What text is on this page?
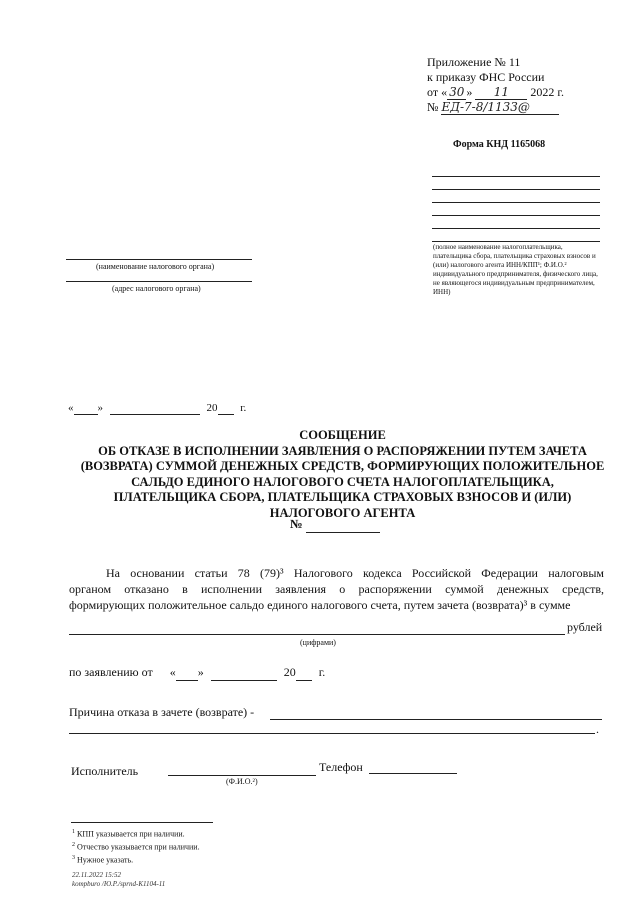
Приложение № 11
к приказу ФНС России
от « 30 » 11 2022 г.
№ ЕД-7-8/1133@
Форма КНД 1165068
(полное наименование налогоплательщика, плательщика сбора, плательщика страховых взносов и (или) налогового агента ИНН/КПП¹; Ф.И.О.² индивидуального предпринимателя, физического лица, не являющегося индивидуальным предпринимателем, ИНН)
(наименование налогового органа)
(адрес налогового органа)
« »	20 г.
СООБЩЕНИЕ
ОБ ОТКАЗЕ В ИСПОЛНЕНИИ ЗАЯВЛЕНИЯ О РАСПОРЯЖЕНИИ ПУТЕМ ЗАЧЕТА
(ВОЗВРАТА) СУММОЙ ДЕНЕЖНЫХ СРЕДСТВ, ФОРМИРУЮЩИХ ПОЛОЖИТЕЛЬНОЕ
САЛЬДО ЕДИНОГО НАЛОГОВОГО СЧЕТА НАЛОГОПЛАТЕЛЬЩИКА,
ПЛАТЕЛЬЩИКА СБОРА, ПЛАТЕЛЬЩИКА СТРАХОВЫХ ВЗНОСОВ И (ИЛИ)
НАЛОГОВОГО АГЕНТА
№
На основании статьи 78 (79)³ Налогового кодекса Российской Федерации налоговым
органом отказано в исполнении заявления о распоряжении суммой денежных средств,
формирующих положительное сальдо единого налогового счета, путем зачета (возврата)³ в сумме
рублей
(цифрами)
по заявлению от « »	20 г.
Причина отказа в зачете (возврате) -
.
Исполнитель
(Ф.И.О.²)
Телефон
$^1$ КПП указывается при наличии.
$^2$ Отчество указывается при наличии.
$^3$ Нужное указать.
22.11.2022 15:52
kompburo /Ю.Р./sprnd-К1104-11
